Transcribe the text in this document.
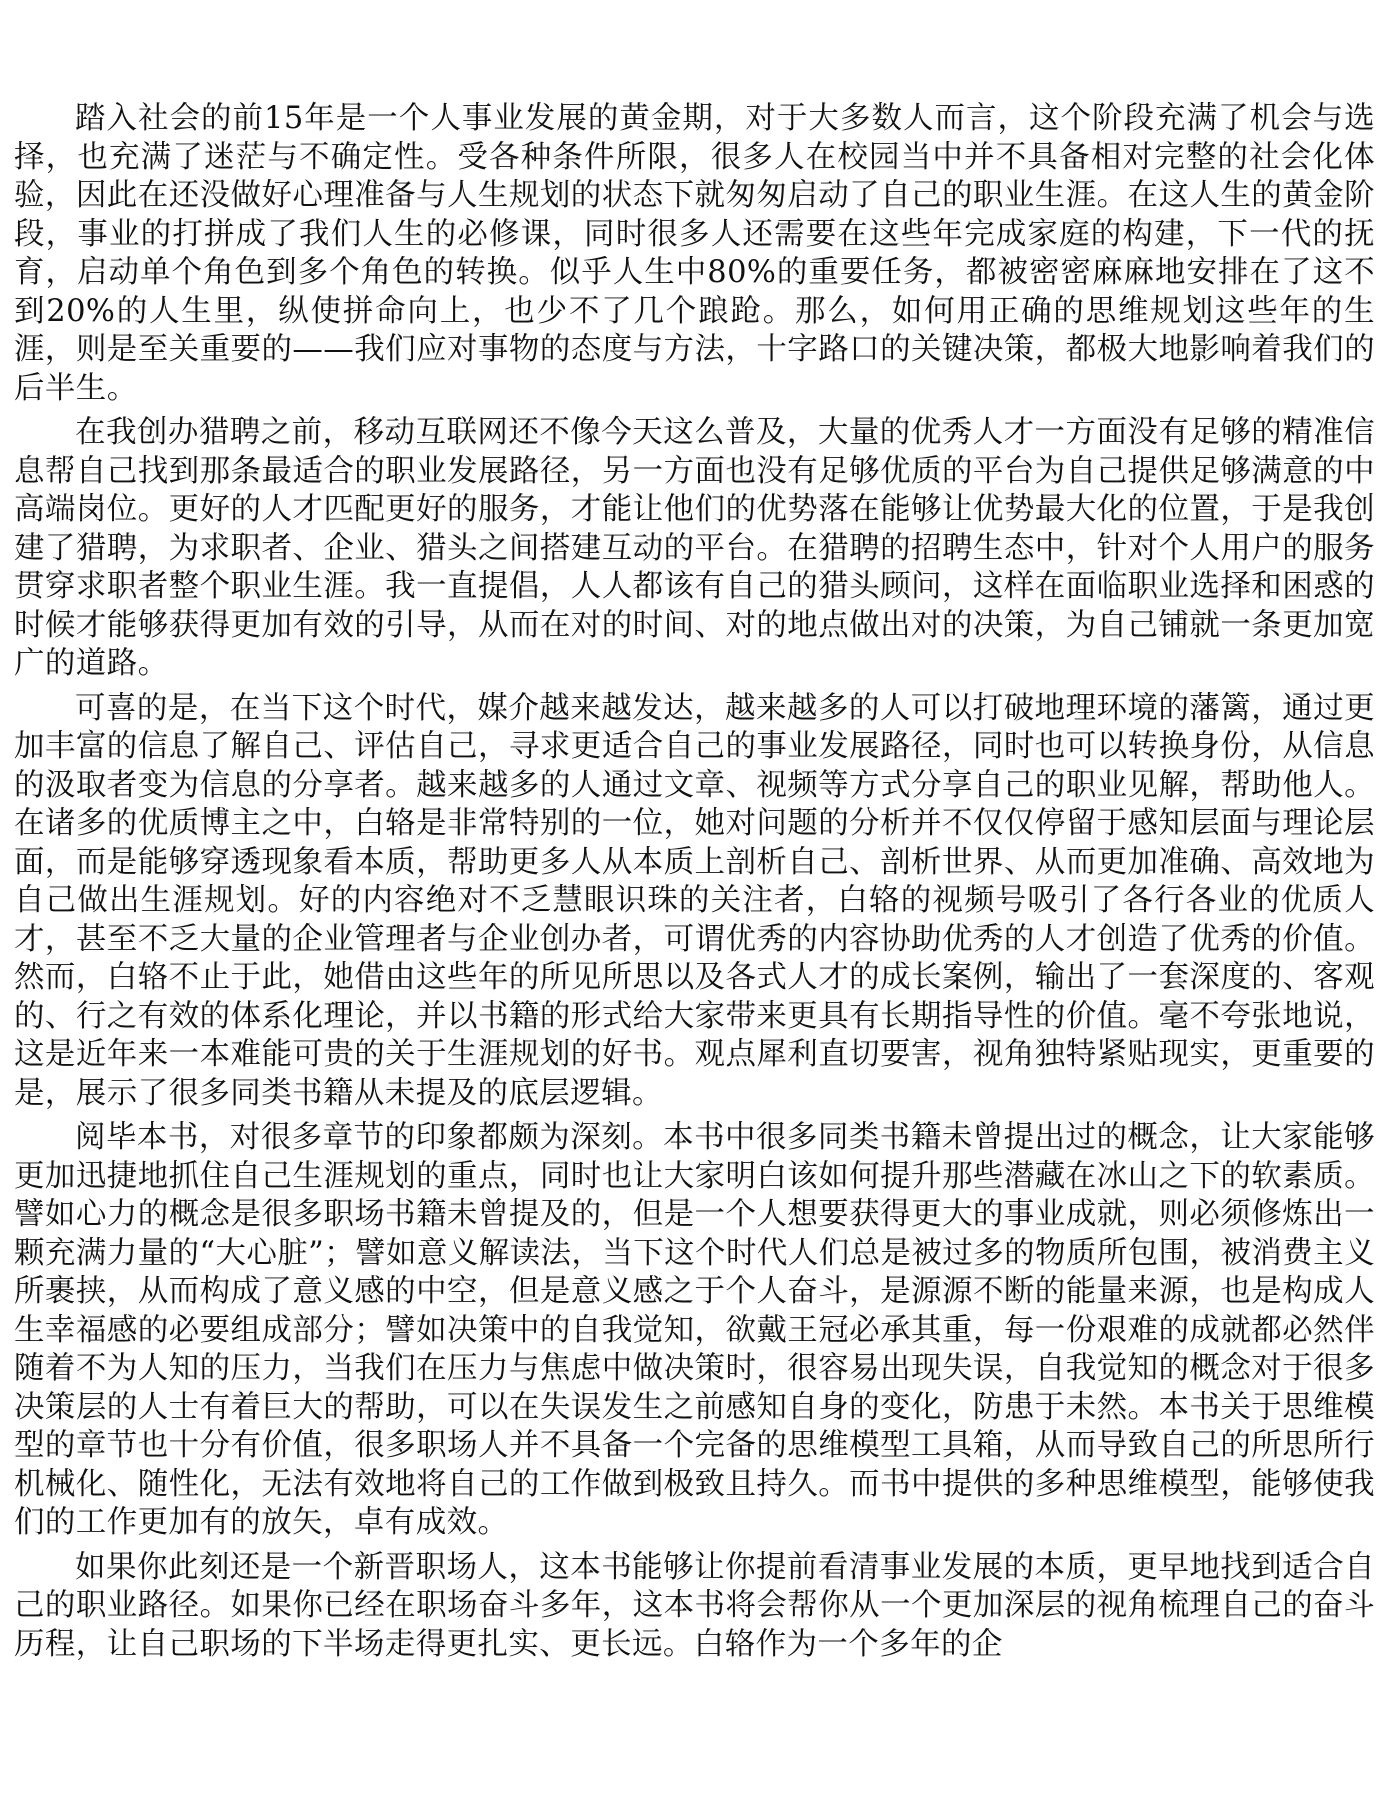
踏入社会的前15年是一个人事业发展的黄金期，对于大多数人而言，这个阶段充满了机会与选择，也充满了迷茫与不确定性。受各种条件所限，很多人在校园当中并不具备相对完整的社会化体验，因此在还没做好心理准备与人生规划的状态下就匆匆启动了自己的职业生涯。在这人生的黄金阶段，事业的打拼成了我们人生的必修课，同时很多人还需要在这些年完成家庭的构建，下一代的抚育，启动单个角色到多个角色的转换。似乎人生中80%的重要任务，都被密密麻麻地安排在了这不到20%的人生里，纵使拼命向上，也少不了几个踉跄。那么，如何用正确的思维规划这些年的生涯，则是至关重要的——我们应对事物的态度与方法，十字路口的关键决策，都极大地影响着我们的后半生。

在我创办猎聘之前，移动互联网还不像今天这么普及，大量的优秀人才一方面没有足够的精准信息帮自己找到那条最适合的职业发展路径，另一方面也没有足够优质的平台为自己提供足够满意的中高端岗位。更好的人才匹配更好的服务，才能让他们的优势落在能够让优势最大化的位置，于是我创建了猎聘，为求职者、企业、猎头之间搭建互动的平台。在猎聘的招聘生态中，针对个人用户的服务贯穿求职者整个职业生涯。我一直提倡，人人都该有自己的猎头顾问，这样在面临职业选择和困惑的时候才能够获得更加有效的引导，从而在对的时间、对的地点做出对的决策，为自己铺就一条更加宽广的道路。

可喜的是，在当下这个时代，媒介越来越发达，越来越多的人可以打破地理环境的藩篱，通过更加丰富的信息了解自己、评估自己，寻求更适合自己的事业发展路径，同时也可以转换身份，从信息的汲取者变为信息的分享者。越来越多的人通过文章、视频等方式分享自己的职业见解，帮助他人。在诸多的优质博主之中，白辂是非常特别的一位，她对问题的分析并不仅仅停留于感知层面与理论层面，而是能够穿透现象看本质，帮助更多人从本质上剖析自己、剖析世界、从而更加准确、高效地为自己做出生涯规划。好的内容绝对不乏慧眼识珠的关注者，白辂的视频号吸引了各行各业的优质人才，甚至不乏大量的企业管理者与企业创办者，可谓优秀的内容协助优秀的人才创造了优秀的价值。然而，白辂不止于此，她借由这些年的所见所思以及各式人才的成长案例，输出了一套深度的、客观的、行之有效的体系化理论，并以书籍的形式给大家带来更具有长期指导性的价值。毫不夸张地说，这是近年来一本难能可贵的关于生涯规划的好书。观点犀利直切要害，视角独特紧贴现实，更重要的是，展示了很多同类书籍从未提及的底层逻辑。

阅毕本书，对很多章节的印象都颇为深刻。本书中很多同类书籍未曾提出过的概念，让大家能够更加迅捷地抓住自己生涯规划的重点，同时也让大家明白该如何提升那些潜藏在冰山之下的软素质。譬如心力的概念是很多职场书籍未曾提及的，但是一个人想要获得更大的事业成就，则必须修炼出一颗充满力量的“大心脏”；譬如意义解读法，当下这个时代人们总是被过多的物质所包围，被消费主义所裹挟，从而构成了意义感的中空，但是意义感之于个人奋斗，是源源不断的能量来源，也是构成人生幸福感的必要组成部分；譬如决策中的自我觉知，欲戴王冠必承其重，每一份艰难的成就都必然伴随着不为人知的压力，当我们在压力与焦虑中做决策时，很容易出现失误，自我觉知的概念对于很多决策层的人士有着巨大的帮助，可以在失误发生之前感知自身的变化，防患于未然。本书关于思维模型的章节也十分有价值，很多职场人并不具备一个完备的思维模型工具箱，从而导致自己的所思所行机械化、随性化，无法有效地将自己的工作做到极致且持久。而书中提供的多种思维模型，能够使我们的工作更加有的放矢，卓有成效。

如果你此刻还是一个新晋职场人，这本书能够让你提前看清事业发展的本质，更早地找到适合自己的职业路径。如果你已经在职场奋斗多年，这本书将会帮你从一个更加深层的视角梳理自己的奋斗历程，让自己职场的下半场走得更扎实、更长远。白辂作为一个多年的企
